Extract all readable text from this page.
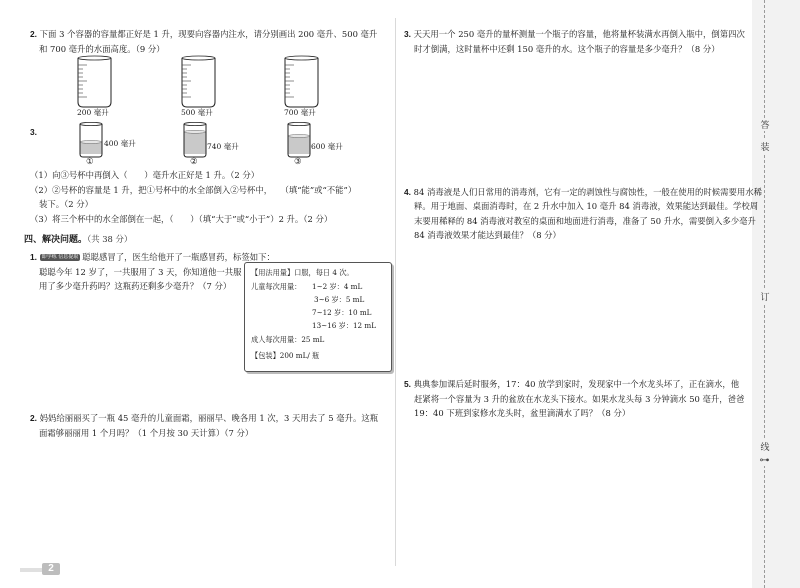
答
装
订
线
⊶
2. 下面 3 个容器的容量都正好是 1 升，现要向容器内注水，请分别画出 200 毫升、500 毫升
和 700 毫升的水面高度。（9 分）
200 毫升	500 毫升	700 毫升
3.
400 毫升	740 毫升	600 毫升
①	②	③
（1）向③号杯中再倒入（　　）毫升水正好是 1 升。（2 分）
（2）②号杯的容量是 1 升，把①号杯中的水全部倒入②号杯中，　　（填“能”或“不能”）
装下。（2 分）
（3）将三个杯中的水全部倒在一起，（　　）（填“大于”或“小于”）2 升。（2 分）
四、解决问题。（共 38 分）
1. 即学练 信息提取 聪聪感冒了，医生给他开了一瓶感冒药，标签如下：
聪聪今年 12 岁了，一共服用了 3 天，你知道他一共服
用了多少毫升药吗？这瓶药还剩多少毫升？（7 分）
【用法用量】口服，每日 4 次。
儿童每次用量： 1~2 岁：4 mL
3~6 岁：5 mL
7~12 岁：10 mL
13~16 岁：12 mL
成人每次用量：25 mL
【包装】200 mL/ 瓶
2. 妈妈给丽丽买了一瓶 45 毫升的儿童面霜，丽丽早、晚各用 1 次，3 天用去了 5 毫升。这瓶
面霜够丽丽用 1 个月吗？（1 个月按 30 天计算）（7 分）
3. 天天用一个 250 毫升的量杯测量一个瓶子的容量，他将量杯装满水再倒入瓶中，倒第四次
时才倒满，这时量杯中还剩 150 毫升的水。这个瓶子的容量是多少毫升？（8 分）
4. 84 消毒液是人们日常用的消毒剂，它有一定的剥蚀性与腐蚀性，一般在使用的时候需要用水稀
释。用于地面、桌面消毒时，在 2 升水中加入 10 毫升 84 消毒液，效果能达到最佳。学校周
末要用稀释的 84 消毒液对教室的桌面和地面进行消毒，准备了 50 升水，需要倒入多少毫升
84 消毒液效果才能达到最佳？（8 分）
5. 典典参加课后延时服务，17：40 放学到家时，发现家中一个水龙头坏了，正在滴水，他
赶紧将一个容量为 3 升的盆放在水龙头下接水。如果水龙头每 3 分钟滴水 50 毫升，爸爸
19：40 下班到家修水龙头时，盆里滴满水了吗？（8 分）
2
